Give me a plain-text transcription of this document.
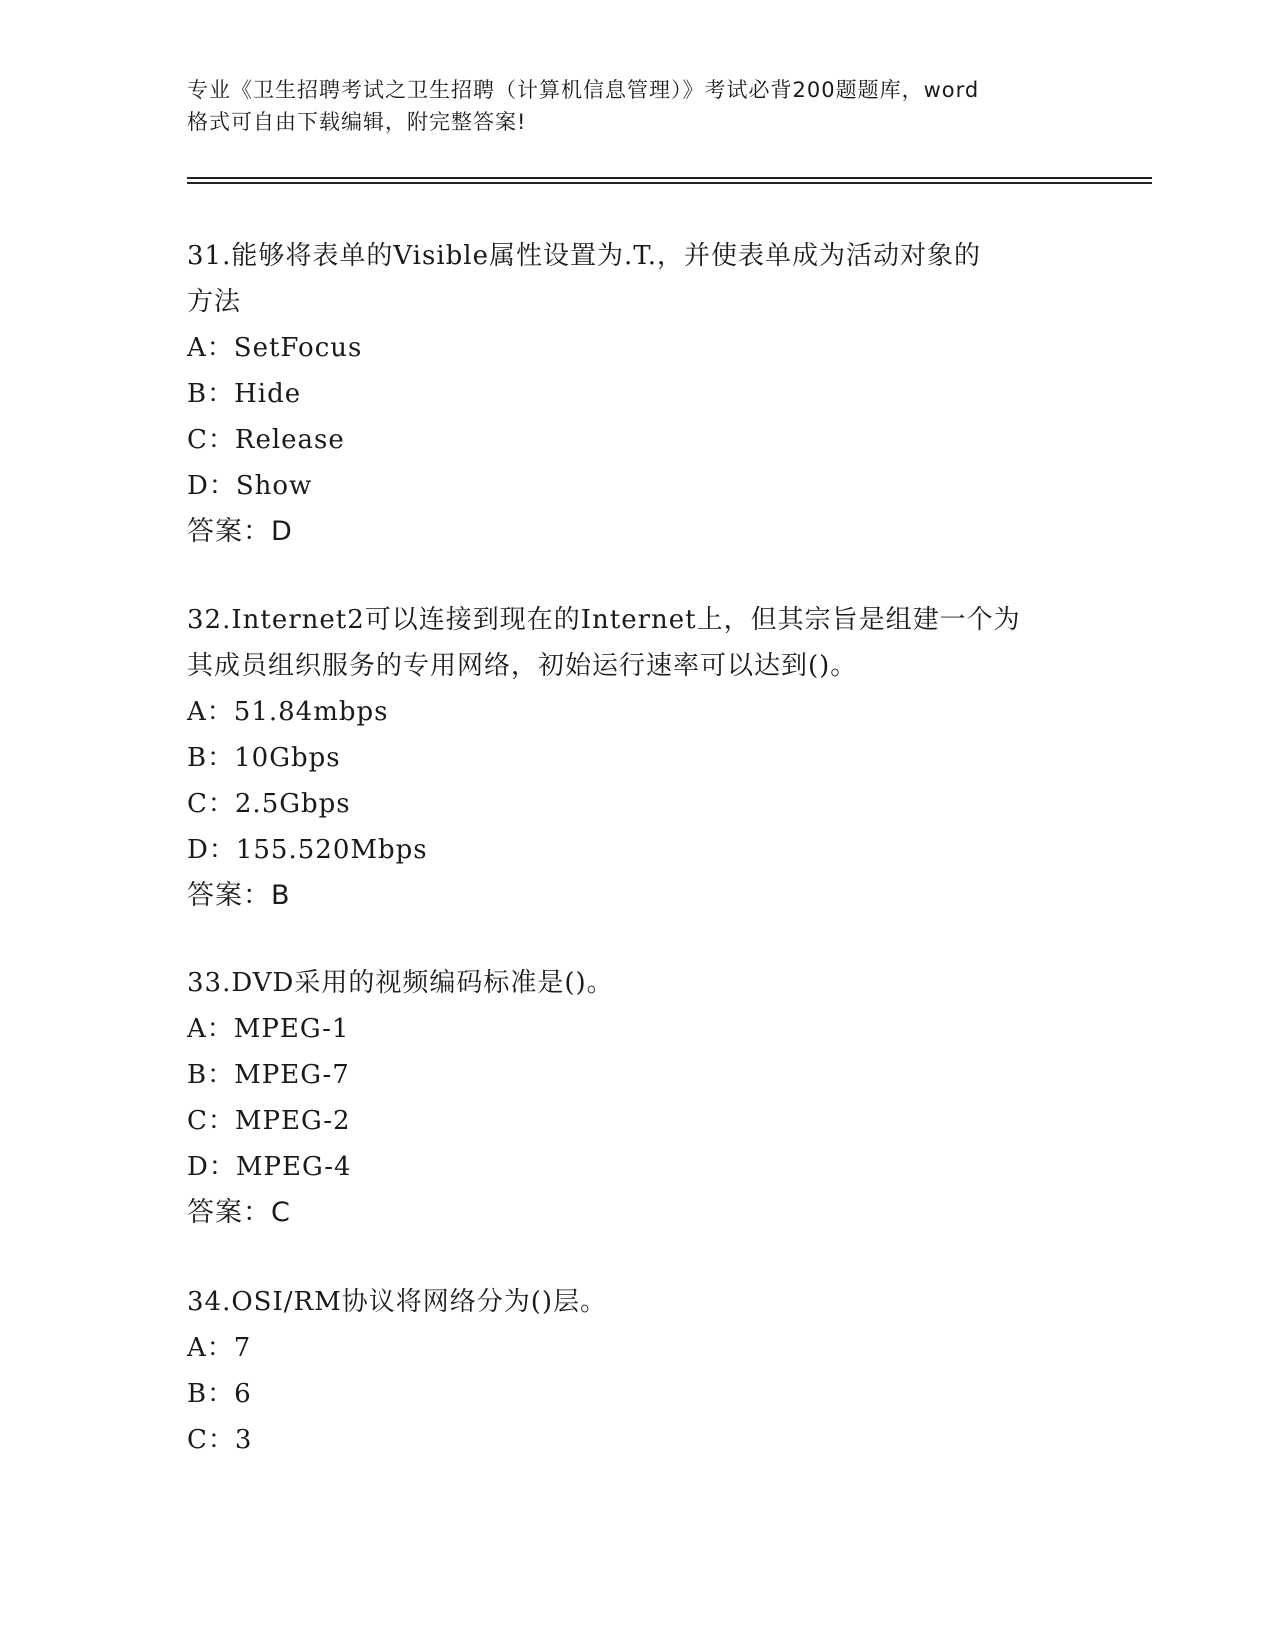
专业《卫生招聘考试之卫生招聘（计算机信息管理）》考试必背200题题库，word
格式可自由下载编辑，附完整答案!
31.能够将表单的Visible属性设置为.T.，并使表单成为活动对象的
方法
A：SetFocus
B：Hide
C：Release
D：Show
答案：D
32.Internet2可以连接到现在的Internet上，但其宗旨是组建一个为
其成员组织服务的专用网络，初始运行速率可以达到()。
A：51.84mbps
B：10Gbps
C：2.5Gbps
D：155.520Mbps
答案：B
33.DVD采用的视频编码标准是()。
A：MPEG-1
B：MPEG-7
C：MPEG-2
D：MPEG-4
答案：C
34.OSI/RM协议将网络分为()层。
A：7
B：6
C：3
